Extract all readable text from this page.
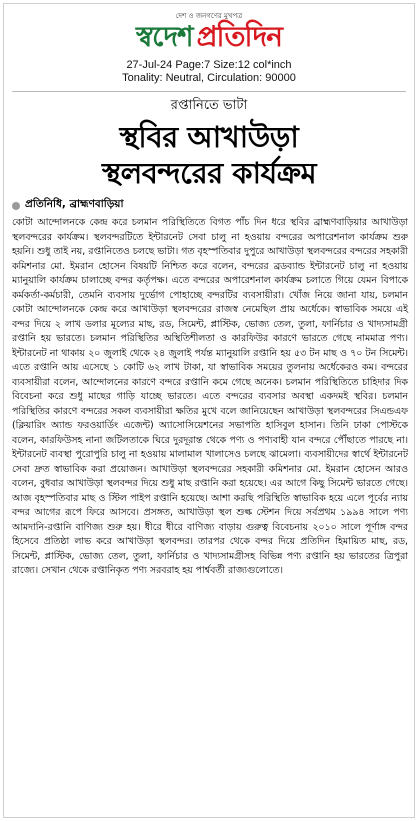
দেশ ও জনগণের মুখপত্র
স্বদেশ প্রতিদিন
27-Jul-24 Page:7 Size:12 col*inch
Tonality: Neutral, Circulation: 90000
রপ্তানিতে ভাটা
স্থবির আখাউড়া
স্থলবন্দরের কার্যক্রম
প্রতিনিধি, ব্রাহ্মণবাড়িয়া
কোটা আন্দোলনকে কেন্দ্র করে চলমান পরিস্থিতিতে বিগত পাঁচ দিন ধরে স্থবির ব্রাহ্মণবাড়িয়ার আখাউড়া স্থলবন্দরের কার্যক্রম। স্থলবন্দরটিতে ইন্টারনেট সেবা চালু না হওয়ায় বন্দরের অপারেশনাল কার্যক্রম শুরু হয়নি। শুধু তাই নয়, রপ্তানিতেও চলছে ভাটা। গত বৃহস্পতিবার দুপুরে আখাউড়া স্থলবন্দরের বন্দরের সহকারী কমিশনার মো. ইমরান হোসেন বিষয়টি নিশ্চিত করে বলেন, বন্দরের ব্রডব্যান্ড ইন্টারনেট চালু না হওয়ায় ম্যানুয়ালি কার্যক্রম চালাচ্ছে বন্দর কর্তৃপক্ষ। এতে বন্দরের অপারেশনাল কার্যক্রম চলাতে গিয়ে যেমন বিপাকে কর্মকর্তা-কর্মচারী, তেমনি ব্যবসায় দুর্ভোগ পোহাচ্ছে বন্দরটির ব্যবসায়ীরা। খোঁজ নিয়ে জানা যায়, চলমান কোটা আন্দোলনকে কেন্দ্র করে আখাউড়া স্থলবন্দরের রাজস্ব নেমেছিল প্রায় অর্ধেকে। স্বাভাবিক সময়ে এই বন্দর দিয়ে ২ লাখ ডলার মূল্যের মাছ, রড, সিমেন্ট, প্লাস্টিক, ভোজ্য তেল, তুলা, ফার্নিচার ও খাদ্যসামগ্রী রপ্তানি হয় ভারতে। চলমান পরিস্থিতির অস্থিতিশীলতা ও কারফিউর কারণে ভারতে গেছে নামমাত্র পণ্য। ইন্টারনেট না থাকায় ২০ জুলাই থেকে ২৪ জুলাই পর্যন্ত ম্যানুয়ালি রপ্তানি হয় ৫৩ টন মাছ ও ৭০ টন সিমেন্ট। এতে রপ্তানি আয় এসেছে ১ কোটি ৬২ লাখ টাকা, যা স্বাভাবিক সময়ের তুলনায় অর্ধেকেরও কম। বন্দরের ব্যবসায়ীরা বলেন, আন্দোলনের কারণে বন্দরে রপ্তানি কমে গেছে অনেক। চলমান পরিস্থিতিতে চাহিদার দিক বিবেচনা করে শুধু মাছের গাড়ি যাচ্ছে ভারতে। এতে বন্দরের ব্যবসার অবস্থা একদমই স্থবির। চলমান পরিস্থিতির কারণে বন্দরের সকল ব্যবসায়ীরা ক্ষতির মুখে বলে জানিয়েছেন আখাউড়া স্থলবন্দরের সিএন্ডএফ (ক্লিয়ারিং অ্যান্ড ফরওয়ার্ডিং এজেন্ট) অ্যাসোসিয়েশনের সভাপতি হাসিবুল হাসান। তিনি ঢাকা পোস্টকে বলেন, কারফিউসহ নানা জটিলতাকে ঘিরে দুরদূরান্ত থেকে পণ্য ও পণ্যবাহী যান বন্দরে পৌঁছাতে পারছে না। ইন্টারনেট ব্যবস্থা পুরোপুরি চালু না হওয়ায় মালামাল খালাসেও চলছে ঝামেলা। ব্যবসায়ীদের স্বার্থে ইন্টারনেট সেবা দ্রুত স্বাভাবিক করা প্রয়োজন। আখাউড়া স্থলবন্দরের সহকারী কমিশনার মো. ইমরান হোসেন আরও বলেন, বুধবার আখাউড়া স্থলবন্দর দিয়ে শুধু মাছ রপ্তানি করা হয়েছে। এর আগে কিছু সিমেন্ট ভারতে গেছে। আজ বৃহস্পতিবার মাছ ও স্টিল পাইপ রপ্তানি হয়েছে। আশা করছি পরিস্থিতি স্বাভাবিক হয়ে এলে পূর্বের ন্যায় বন্দর আগের রূপে ফিরে আসবে। প্রসঙ্গত, আখাউড়া স্থল শুল্ক স্টেশন দিয়ে সর্বপ্রথম ১৯৯৪ সালে পণ্য আমদানি-রপ্তানি বাণিজ্য শুরু হয়। ধীরে ধীরে বাণিজ্য বাড়ায় গুরুত্ব বিবেচনায় ২০১০ সালে পূর্ণাঙ্গ বন্দর হিসেবে প্রতিষ্ঠা লাভ করে আখাউড়া স্থলবন্দর। তারপর থেকে বন্দর দিয়ে প্রতিদিন হিমায়িত মাছ, রড, সিমেন্ট, প্লাস্টিক, ভোজ্য তেল, তুলা, ফার্নিচার ও খাদ্যসামগ্রীসহ বিভিন্ন পণ্য রপ্তানি হয় ভারতের ত্রিপুরা রাজ্যে। সেখান থেকে রপ্তানিকৃত পণ্য সরবরাহ হয় পার্শ্ববর্তী রাজ্যগুলোতে।
